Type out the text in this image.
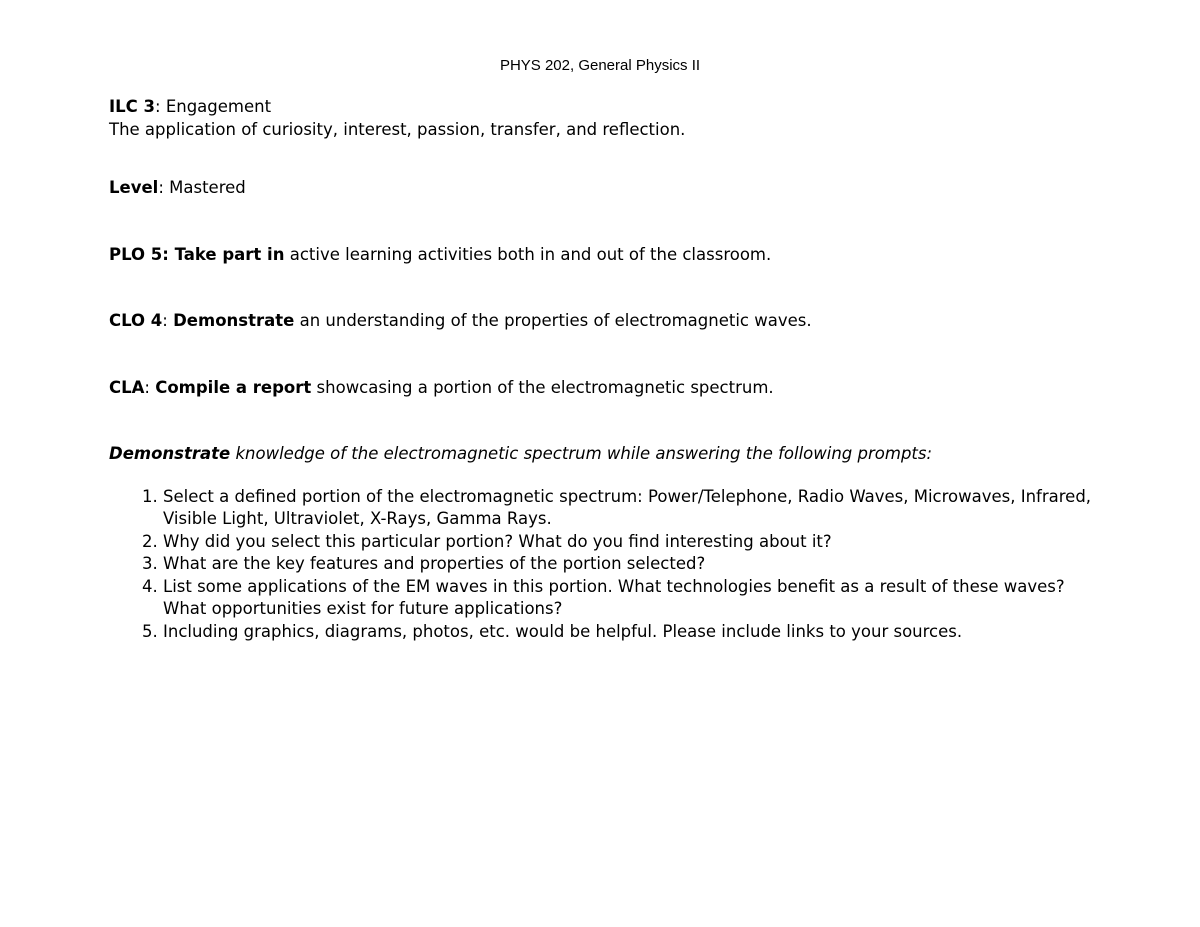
PHYS 202, General Physics II

ILC 3: Engagement

The application of curiosity, interest, passion, transfer, and reflection.

Level: Mastered

PLO 5: Take part in active learning activities both in and out of the classroom.

CLO 4: Demonstrate an understanding of the properties of electromagnetic waves.

CLA: Compile a report showcasing a portion of the electromagnetic spectrum.

Demonstrate knowledge of the electromagnetic spectrum while answering the following prompts:

1. Select a defined portion of the electromagnetic spectrum: Power/Telephone, Radio Waves, Microwaves, Infrared, Visible Light, Ultraviolet, X-Rays, Gamma Rays.
2. Why did you select this particular portion? What do you find interesting about it?
3. What are the key features and properties of the portion selected?
4. List some applications of the EM waves in this portion. What technologies benefit as a result of these waves? What opportunities exist for future applications?
5. Including graphics, diagrams, photos, etc. would be helpful. Please include links to your sources.
